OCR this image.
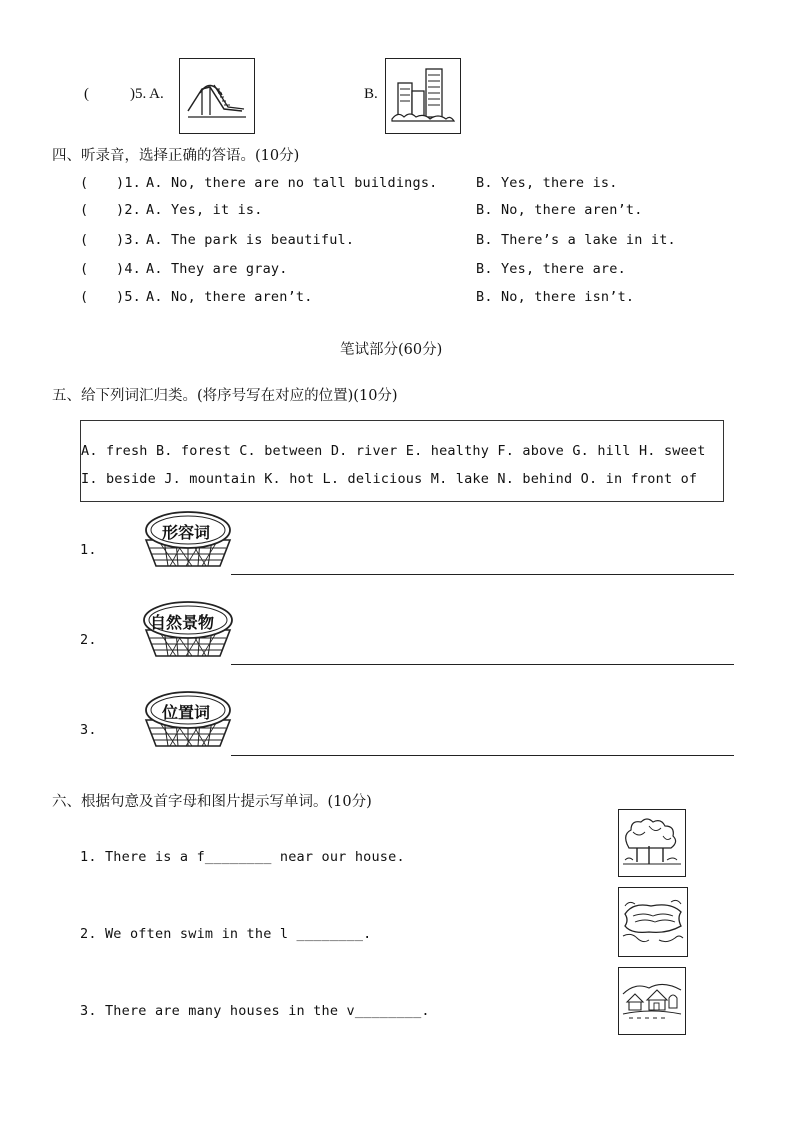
(	)5. A.	B.
四、听录音，选择正确的答语。(10分)
( )1. A. No, there are no tall buildings.	B. Yes, there is.
( )2. A. Yes, it is.	B. No, there aren’t.
( )3. A. The park is beautiful.	B. There’s a lake in it.
( )4. A. They are gray.	B. Yes, there are.
( )5. A. No, there aren’t.	B. No, there isn’t.
笔试部分(60分)
五、给下列词汇归类。(将序号写在对应的位置)(10分)
A. fresh B. forest C. between D. river E. healthy F. above G. hill H. sweet
I. beside J. mountain K. hot L. delicious M. lake N. behind O. in front of
1.
形容词
2.
自然景物
3.
位置词
六、根据句意及首字母和图片提示写单词。(10分)
1. There is a f________ near our house.
2. We often swim in the l ________.
3. There are many houses in the v________.
